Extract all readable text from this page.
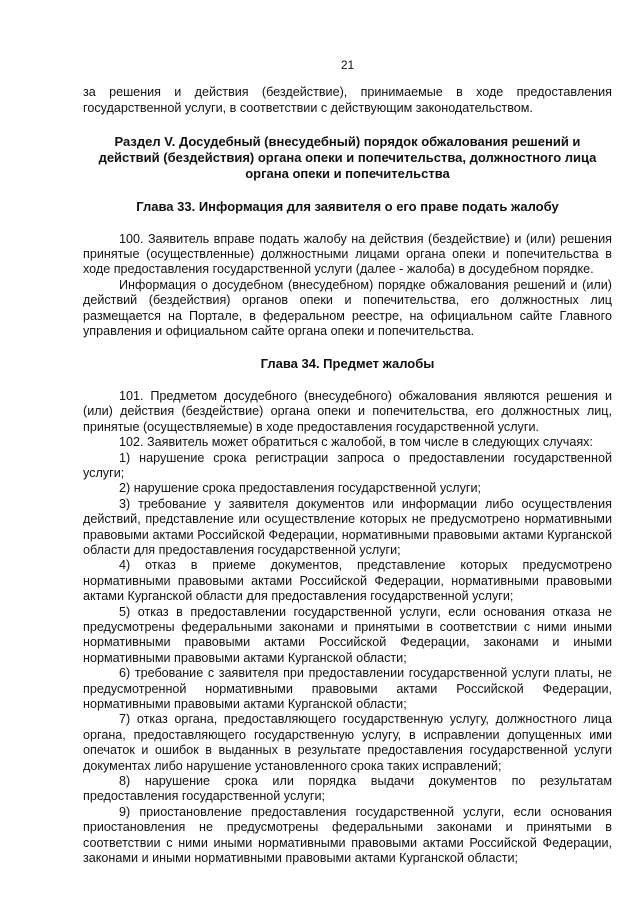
21

за решения и действия (бездействие), принимаемые в ходе предоставления государственной услуги, в соответствии с действующим законодательством.

Раздел V. Досудебный (внесудебный) порядок обжалования решений и действий (бездействия) органа опеки и попечительства, должностного лица органа опеки и попечительства
Глава 33. Информация для заявителя о его праве подать жалобу

100. Заявитель вправе подать жалобу на действия (бездействие) и (или) решения принятые (осуществленные) должностными лицами органа опеки и попечительства в ходе предоставления государственной услуги (далее - жалоба) в досудебном порядке.

Информация о досудебном (внесудебном) порядке обжалования решений и (или) действий (бездействия) органов опеки и попечительства, его должностных лиц размещается на Портале, в федеральном реестре, на официальном сайте Главного управления и официальном сайте органа опеки и попечительства.

Глава 34. Предмет жалобы

101. Предметом досудебного (внесудебного) обжалования являются решения и (или) действия (бездействие) органа опеки и попечительства, его должностных лиц, принятые (осуществляемые) в ходе предоставления государственной услуги.

102. Заявитель может обратиться с жалобой, в том числе в следующих случаях:

1) нарушение срока регистрации запроса о предоставлении государственной услуги;

2) нарушение срока предоставления государственной услуги;

3) требование у заявителя документов или информации либо осуществления действий, представление или осуществление которых не предусмотрено нормативными правовыми актами Российской Федерации, нормативными правовыми актами Курганской области для предоставления государственной услуги;

4) отказ в приеме документов, представление которых предусмотрено нормативными правовыми актами Российской Федерации, нормативными правовыми актами Курганской области для предоставления государственной услуги;

5) отказ в предоставлении государственной услуги, если основания отказа не предусмотрены федеральными законами и принятыми в соответствии с ними иными нормативными правовыми актами Российской Федерации, законами и иными нормативными правовыми актами Курганской области;

6) требование с заявителя при предоставлении государственной услуги платы, не предусмотренной нормативными правовыми актами Российской Федерации, нормативными правовыми актами Курганской области;

7) отказ органа, предоставляющего государственную услугу, должностного лица органа, предоставляющего государственную услугу, в исправлении допущенных ими опечаток и ошибок в выданных в результате предоставления государственной услуги документах либо нарушение установленного срока таких исправлений;

8) нарушение срока или порядка выдачи документов по результатам предоставления государственной услуги;

9) приостановление предоставления государственной услуги, если основания приостановления не предусмотрены федеральными законами и принятыми в соответствии с ними иными нормативными правовыми актами Российской Федерации, законами и иными нормативными правовыми актами Курганской области;
